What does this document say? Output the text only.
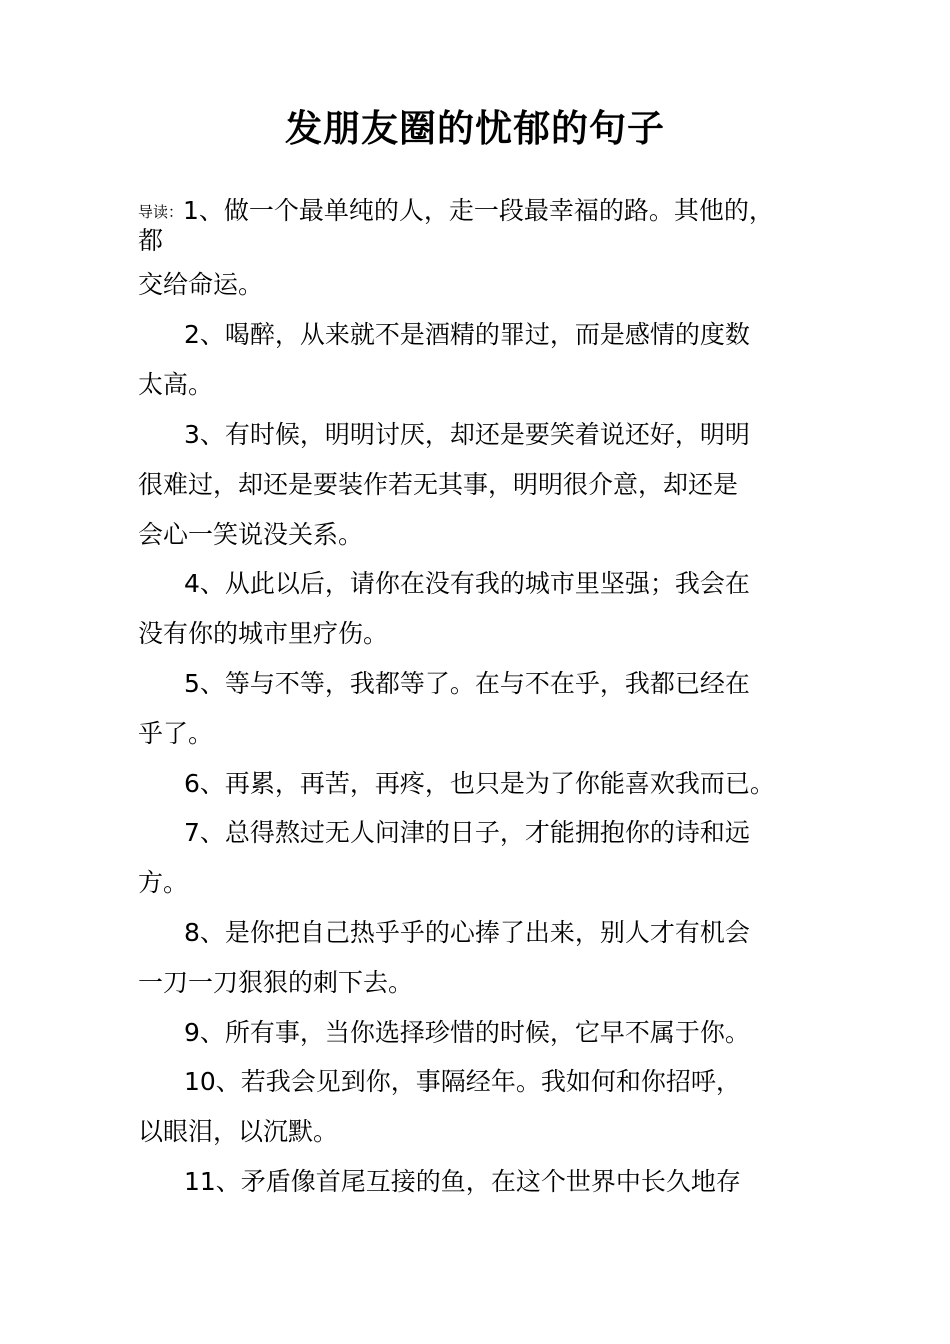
发朋友圈的忧郁的句子
导读：1、做一个最单纯的人，走一段最幸福的路。其他的，
都
交给命运。
2、喝醉，从来就不是酒精的罪过，而是感情的度数
太高。
3、有时候，明明讨厌，却还是要笑着说还好，明明
很难过，却还是要装作若无其事，明明很介意，却还是
会心一笑说没关系。
4、从此以后，请你在没有我的城市里坚强；我会在
没有你的城市里疗伤。
5、等与不等，我都等了。在与不在乎，我都已经在
乎了。
6、再累，再苦，再疼，也只是为了你能喜欢我而已。
7、总得熬过无人问津的日子，才能拥抱你的诗和远
方。
8、是你把自己热乎乎的心捧了出来，别人才有机会
一刀一刀狠狠的刺下去。
9、所有事，当你选择珍惜的时候，它早不属于你。
10、若我会见到你，事隔经年。我如何和你招呼，
以眼泪，以沉默。
11、矛盾像首尾互接的鱼，在这个世界中长久地存
